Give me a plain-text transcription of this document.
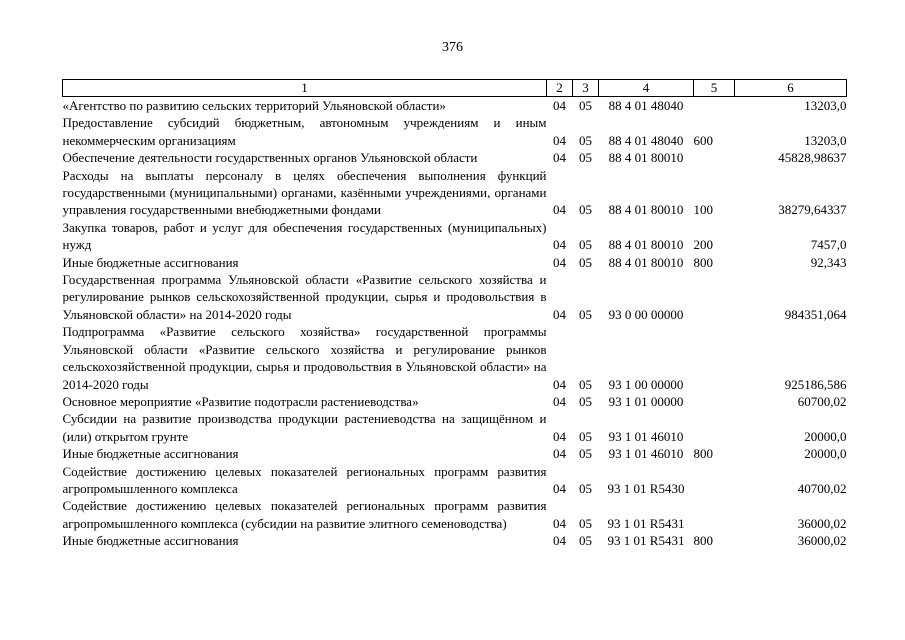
376
1	2	3	4	5	6
«Агентство по развитию сельских территорий Ульяновской области»	04	05	88 4 01 48040		13203,0
Предоставление субсидий бюджетным, автономным учреждениям и иным некоммерческим организациям	04	05	88 4 01 48040	600	13203,0
Обеспечение деятельности государственных органов Ульяновской области	04	05	88 4 01 80010		45828,98637
Расходы на выплаты персоналу в целях обеспечения выполнения функций государственными (муниципальными) органами, казёнными учреждениями, органами управления государственными внебюджетными фондами	04	05	88 4 01 80010	100	38279,64337
Закупка товаров, работ и услуг для обеспечения государственных (муниципальных) нужд	04	05	88 4 01 80010	200	7457,0
Иные бюджетные ассигнования	04	05	88 4 01 80010	800	92,343
Государственная программа Ульяновской области «Развитие сельского хозяйства и регулирование рынков сельскохозяйственной продукции, сырья и продовольствия в Ульяновской области» на 2014-2020 годы	04	05	93 0 00 00000		984351,064
Подпрограмма «Развитие сельского хозяйства» государственной программы Ульяновской области «Развитие сельского хозяйства и регулирование рынков сельскохозяйственной продукции, сырья и продовольствия в Ульяновской области» на 2014-2020 годы	04	05	93 1 00 00000		925186,586
Основное мероприятие «Развитие подотрасли растениеводства»	04	05	93 1 01 00000		60700,02
Субсидии на развитие производства продукции растениеводства на защищённом и (или) открытом грунте	04	05	93 1 01 46010		20000,0
Иные бюджетные ассигнования	04	05	93 1 01 46010	800	20000,0
Содействие достижению целевых показателей региональных программ развития агропромышленного комплекса	04	05	93 1 01 R5430		40700,02
Содействие достижению целевых показателей региональных программ развития агропромышленного комплекса (субсидии на развитие элитного семеноводства)	04	05	93 1 01 R5431		36000,02
Иные бюджетные ассигнования	04	05	93 1 01 R5431	800	36000,02
